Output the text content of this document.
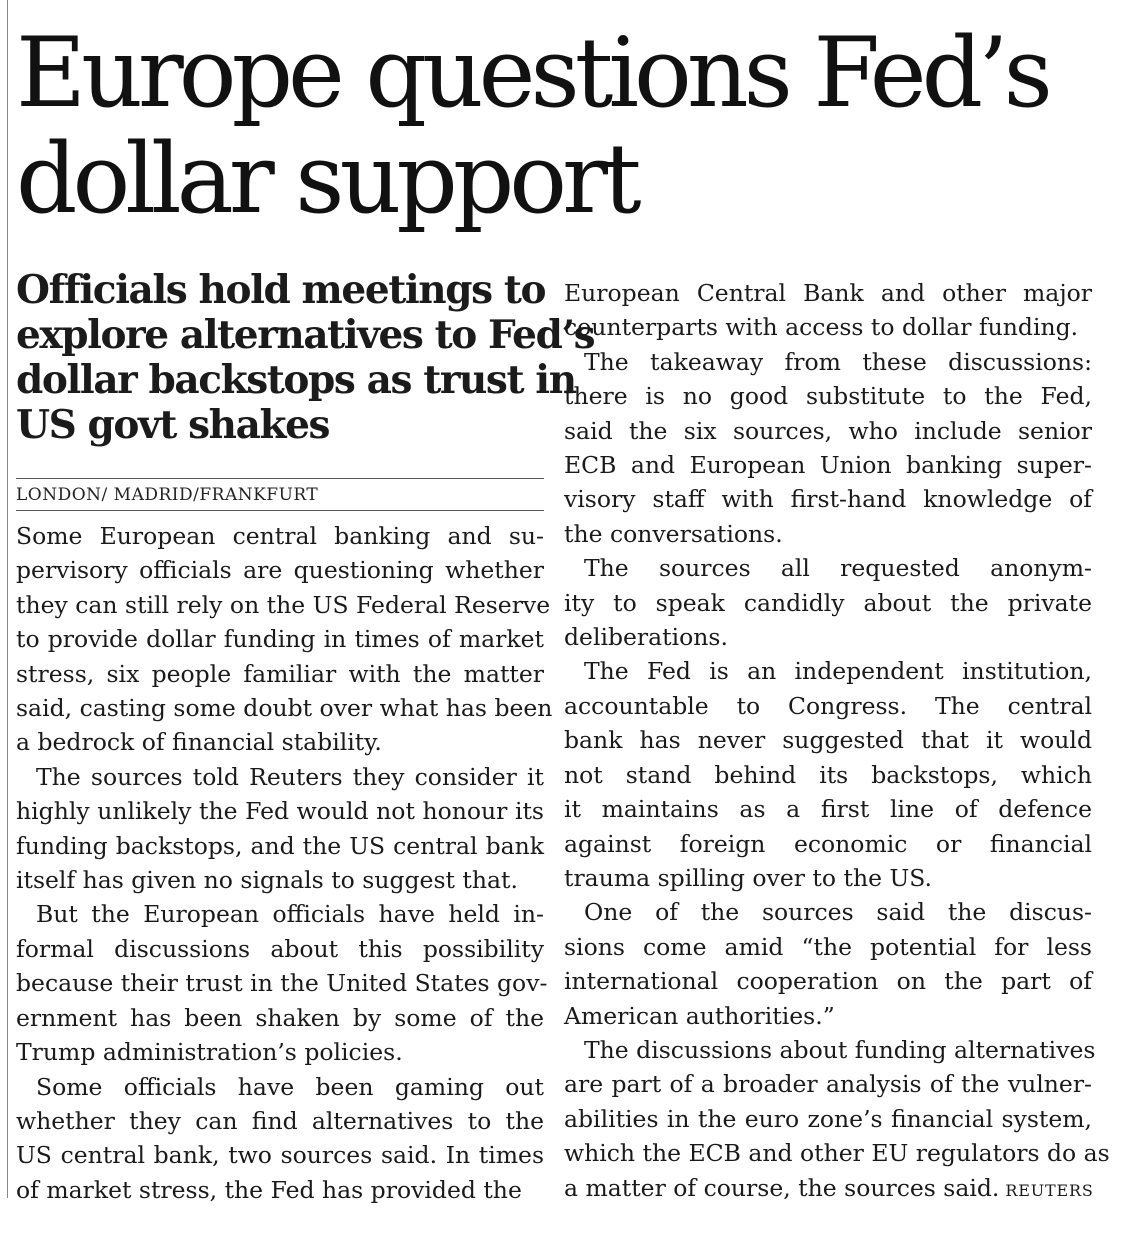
Europe questions Fed’s
dollar support
Officials hold meetings to
explore alternatives to Fed’s
dollar backstops as trust in
US govt shakes
LONDON/ MADRID/FRANKFURT
Some European central banking and su-
pervisory officials are questioning whether
they can still rely on the US Federal Reserve
to provide dollar funding in times of market
stress, six people familiar with the matter
said, casting some doubt over what has been
a bedrock of financial stability.
The sources told Reuters they consider it
highly unlikely the Fed would not honour its
funding backstops, and the US central bank
itself has given no signals to suggest that.
But the European officials have held in-
formal discussions about this possibility
because their trust in the United States gov-
ernment has been shaken by some of the
Trump administration’s policies.
Some officials have been gaming out
whether they can find alternatives to the
US central bank, two sources said. In times
of market stress, the Fed has provided the
European Central Bank and other major
counterparts with access to dollar funding.
The takeaway from these discussions:
there is no good substitute to the Fed,
said the six sources, who include senior
ECB and European Union banking super-
visory staff with first-hand knowledge of
the conversations.
The sources all requested anonym-
ity to speak candidly about the private
deliberations.
The Fed is an independent institution,
accountable to Congress. The central
bank has never suggested that it would
not stand behind its backstops, which
it maintains as a first line of defence
against foreign economic or financial
trauma spilling over to the US.
One of the sources said the discus-
sions come amid “the potential for less
international cooperation on the part of
American authorities.”
The discussions about funding alternatives
are part of a broader analysis of the vulner-
abilities in the euro zone’s financial system,
which the ECB and other EU regulators do as
a matter of course, the sources said. REUTERS
